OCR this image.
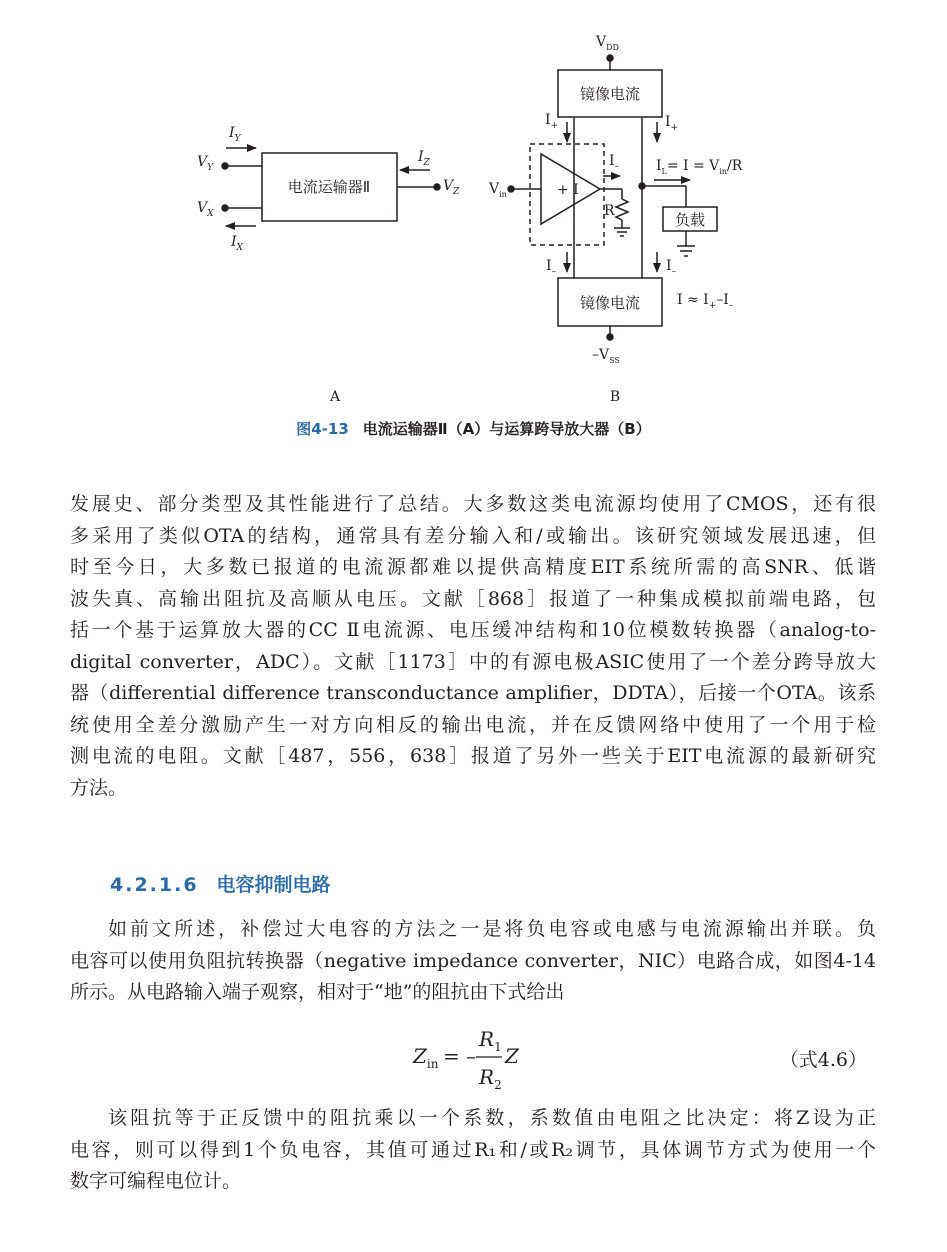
电流运输器Ⅱ
$I_Y$
$V_Y$
$V_X$
$I_X$
$I_Z$
$V_Z$
A
$V_{DD}$
镜像电流
镜像电流
$I_+$	$I_+$
$I_-$
$I_-$	$I_-$
$V_{in}$	+ I
R
$I_L= I = V_{in}/R$
负载
$I \approx I_+-I_-$
$-V_{SS}$
B
图4-13 电流运输器Ⅱ（A）与运算跨导放大器（B）
发展史、部分类型及其性能进行了总结。大多数这类电流源均使用了CMOS，还有很
多采用了类似OTA的结构，通常具有差分输入和/或输出。该研究领域发展迅速，但
时至今日，大多数已报道的电流源都难以提供高精度EIT系统所需的高SNR、低谐
波失真、高输出阻抗及高顺从电压。文献［868］报道了一种集成模拟前端电路，包
括一个基于运算放大器的CC Ⅱ电流源、电压缓冲结构和10位模数转换器（analog-to-
digital converter，ADC）。文献［1173］中的有源电极ASIC使用了一个差分跨导放大
器（differential difference transconductance amplifier，DDTA），后接一个OTA。该系
统使用全差分激励产生一对方向相反的输出电流，并在反馈网络中使用了一个用于检
测电流的电阻。文献［487，556，638］报道了另外一些关于EIT电流源的最新研究
方法。
4.2.1.6 电容抑制电路
如前文所述，补偿过大电容的方法之一是将负电容或电感与电流源输出并联。负
电容可以使用负阻抗转换器（negative impedance converter，NIC）电路合成，如图4-14
所示。从电路输入端子观察，相对于“地”的阻抗由下式给出
$Z_{in}$ = –
$R_1$
$R_2$
Z	（式4.6）
该阻抗等于正反馈中的阻抗乘以一个系数，系数值由电阻之比决定：将Z设为正
电容，则可以得到1个负电容，其值可通过R₁和/或R₂调节，具体调节方式为使用一个
数字可编程电位计。
